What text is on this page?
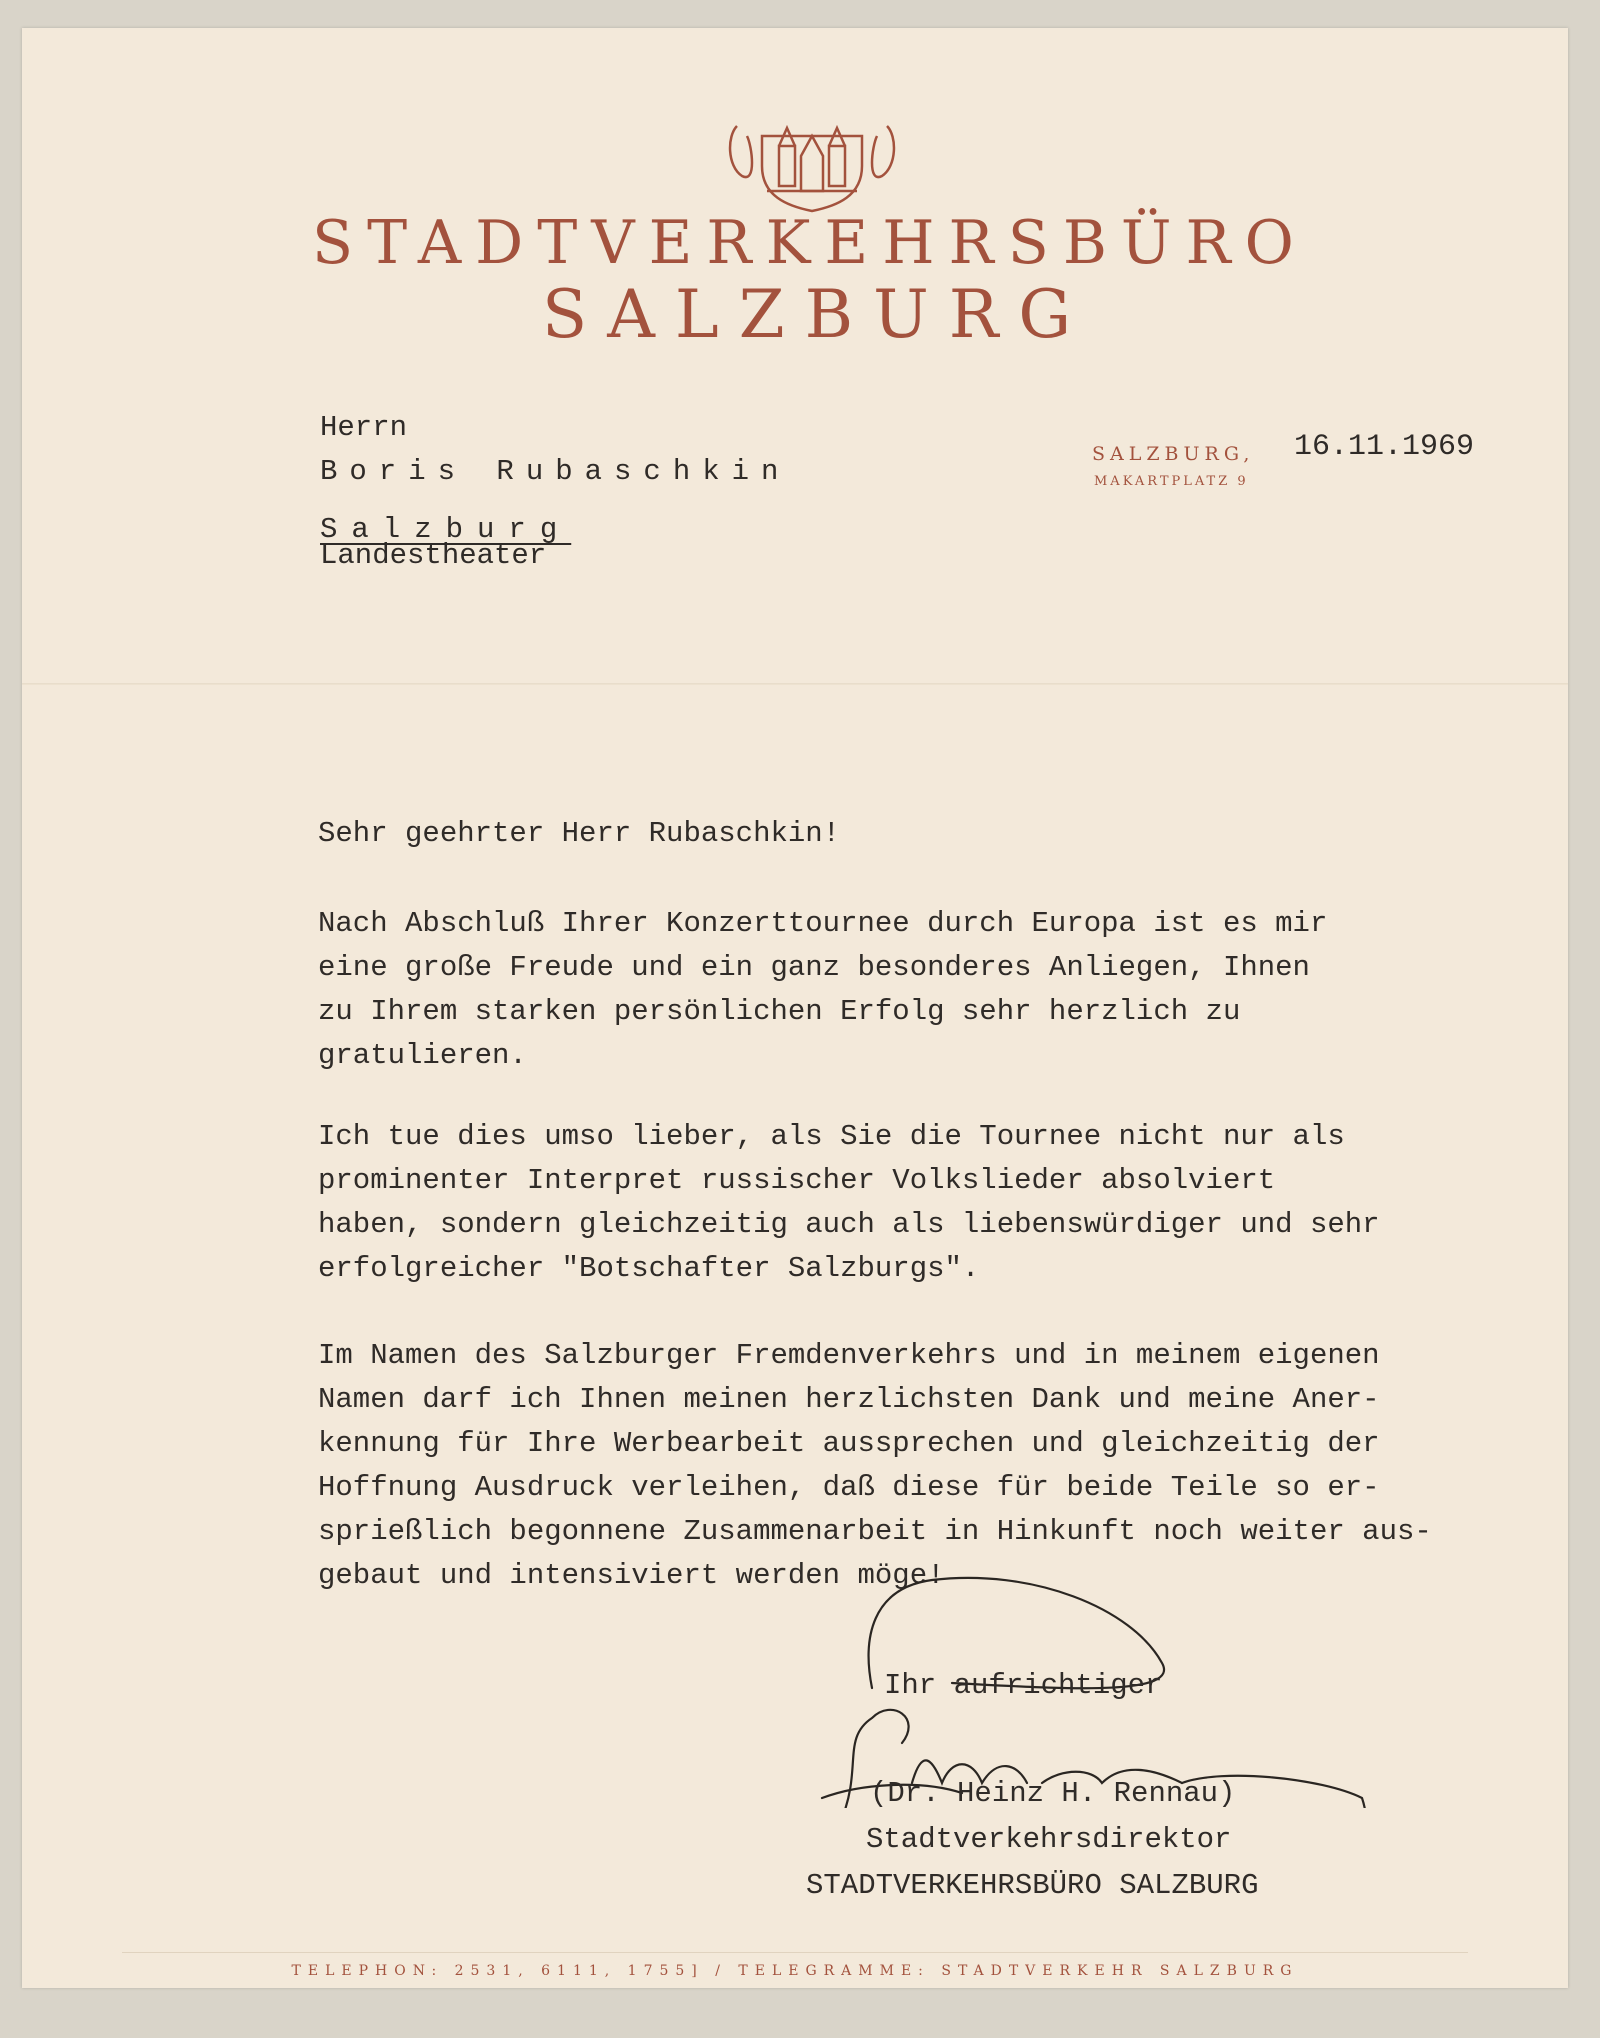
STADTVERKEHRSBÜRO
SALZBURG
Herrn
Boris Rubaschkin
Salzburg
Landestheater
SALZBURG,
MAKARTPLATZ 9
16.11.1969
Sehr geehrter Herr Rubaschkin!
Nach Abschluß Ihrer Konzerttournee durch Europa ist es mir
eine große Freude und ein ganz besonderes Anliegen, Ihnen
zu Ihrem starken persönlichen Erfolg sehr herzlich zu
gratulieren.
Ich tue dies umso lieber, als Sie die Tournee nicht nur als
prominenter Interpret russischer Volkslieder absolviert
haben, sondern gleichzeitig auch als liebenswürdiger und sehr
erfolgreicher "Botschafter Salzburgs".
Im Namen des Salzburger Fremdenverkehrs und in meinem eigenen
Namen darf ich Ihnen meinen herzlichsten Dank und meine Aner-
kennung für Ihre Werbearbeit aussprechen und gleichzeitig der
Hoffnung Ausdruck verleihen, daß diese für beide Teile so er-
sprießlich begonnene Zusammenarbeit in Hinkunft noch weiter aus-
gebaut und intensiviert werden möge!
Ihr aufrichtiger
(Dr. Heinz H. Rennau)
Stadtverkehrsdirektor
STADTVERKEHRSBÜRO SALZBURG
TELEPHON: 2531, 6111, 1755] / TELEGRAMME: STADTVERKEHR SALZBURG
